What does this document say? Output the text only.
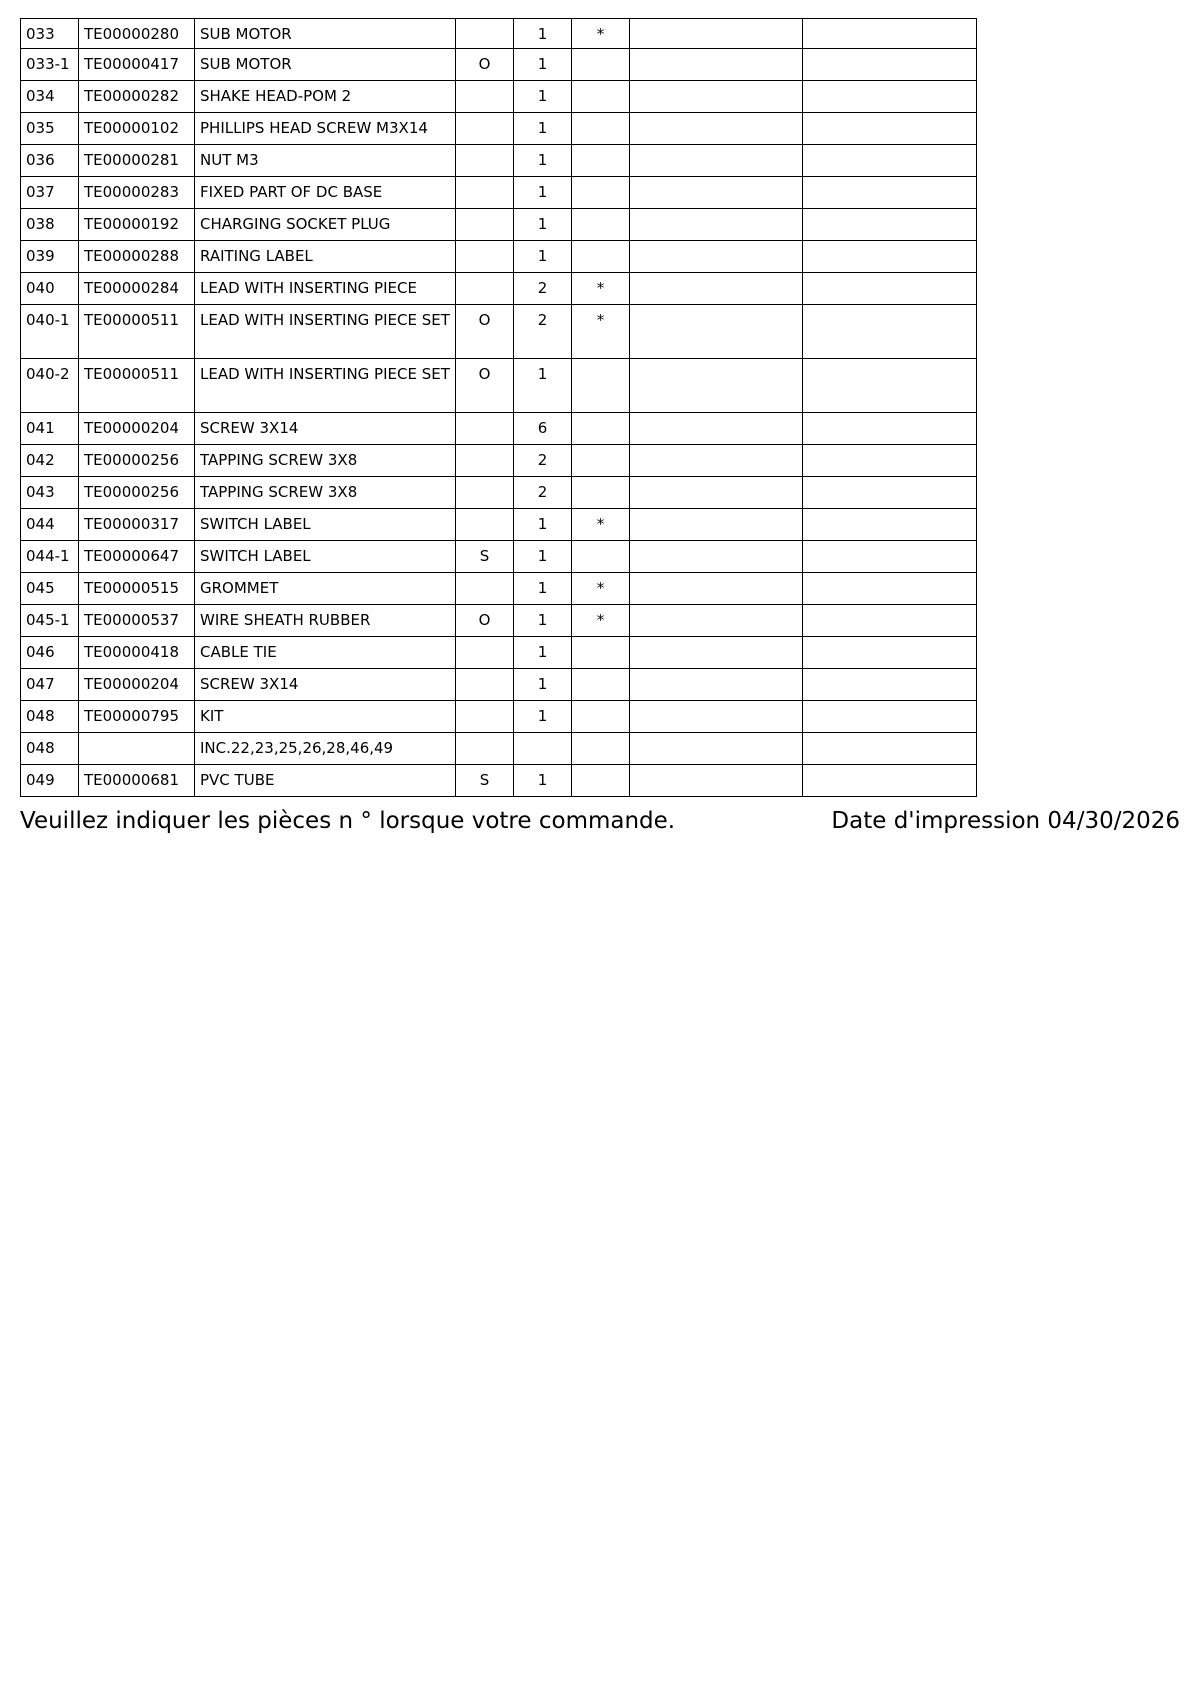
033	TE00000280	SUB MOTOR		1	*		
033-1	TE00000417	SUB MOTOR	O	1			
034	TE00000282	SHAKE HEAD-POM 2		1			
035	TE00000102	PHILLIPS HEAD SCREW M3X14		1			
036	TE00000281	NUT M3		1			
037	TE00000283	FIXED PART OF DC BASE		1			
038	TE00000192	CHARGING SOCKET PLUG		1			
039	TE00000288	RAITING LABEL		1			
040	TE00000284	LEAD WITH INSERTING PIECE		2	*		
040-1	TE00000511	LEAD WITH INSERTING PIECE SET	O	2	*		
040-2	TE00000511	LEAD WITH INSERTING PIECE SET	O	1			
041	TE00000204	SCREW 3X14		6			
042	TE00000256	TAPPING SCREW 3X8		2			
043	TE00000256	TAPPING SCREW 3X8		2			
044	TE00000317	SWITCH LABEL		1	*		
044-1	TE00000647	SWITCH LABEL	S	1			
045	TE00000515	GROMMET		1	*		
045-1	TE00000537	WIRE SHEATH RUBBER	O	1	*		
046	TE00000418	CABLE TIE		1			
047	TE00000204	SCREW 3X14		1			
048	TE00000795	KIT		1			
048		INC.22,23,25,26,28,46,49					
049	TE00000681	PVC TUBE	S	1			
Veuillez indiquer les pièces n ° lorsque votre commande.	Date d'impression 04/30/2026
